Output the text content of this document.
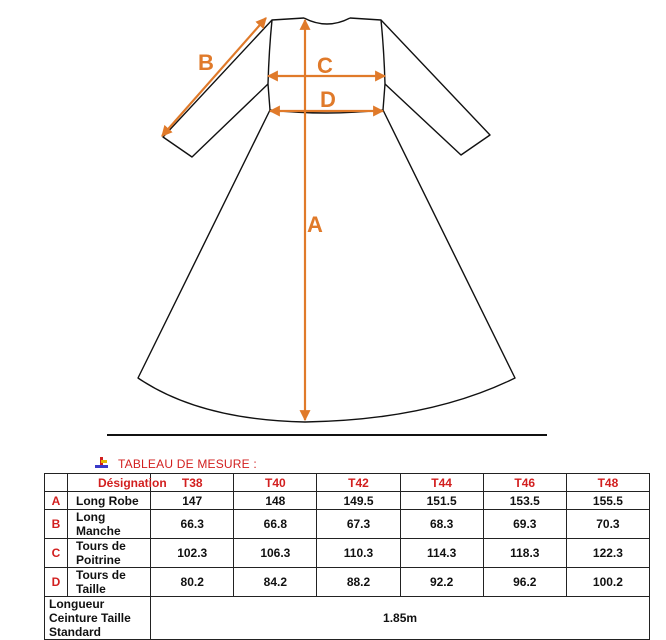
A
B	C
D
TABLEAU DE MESURE :
	Désignation	T38	T40	T42	T44	T46	T48
A	Long Robe	147	148	149.5	151.5	153.5	155.5
B	Long Manche	66.3	66.8	67.3	68.3	69.3	70.3
C	Tours de Poitrine	102.3	106.3	110.3	114.3	118.3	122.3
D	Tours de Taille	80.2	84.2	88.2	92.2	96.2	100.2
Longueur Ceinture Taille Standard		1.85m					
